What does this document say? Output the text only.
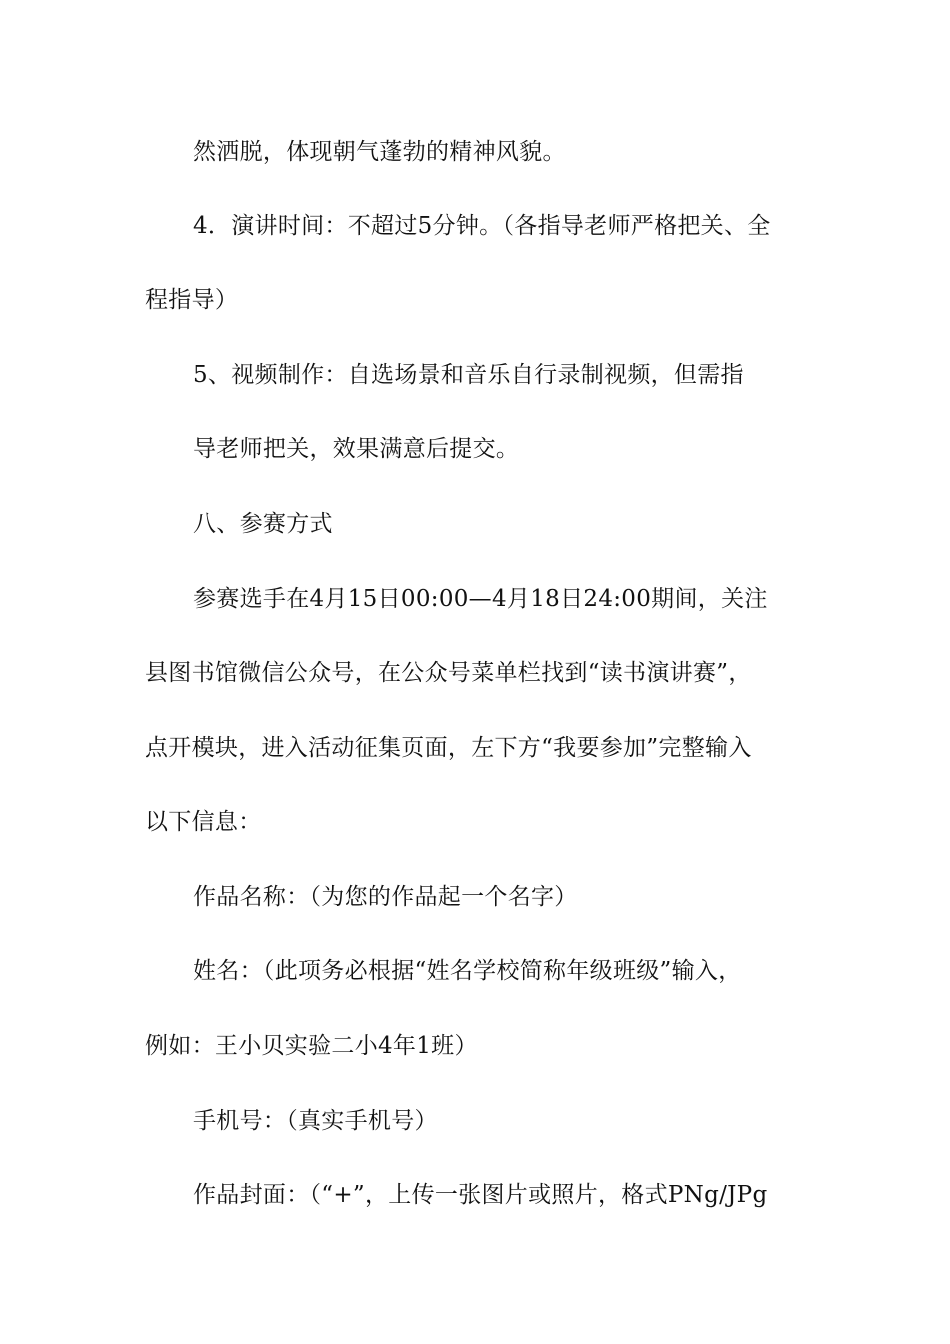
然洒脱，体现朝气蓬勃的精神风貌。
4．演讲时间：不超过5分钟。（各指导老师严格把关、全
程指导）
5、视频制作：自选场景和音乐自行录制视频，但需指
导老师把关，效果满意后提交。
八、参赛方式
参赛选手在4月15日00:00—4月18日24:00期间，关注
县图书馆微信公众号，在公众号菜单栏找到“读书演讲赛”，
点开模块，进入活动征集页面，左下方“我要参加”完整输入
以下信息：
作品名称：（为您的作品起一个名字）
姓名：（此项务必根据“姓名学校简称年级班级”输入，
例如：王小贝实验二小4年1班）
手机号：（真实手机号）
作品封面：（“+”，上传一张图片或照片，格式PNg/JPg
